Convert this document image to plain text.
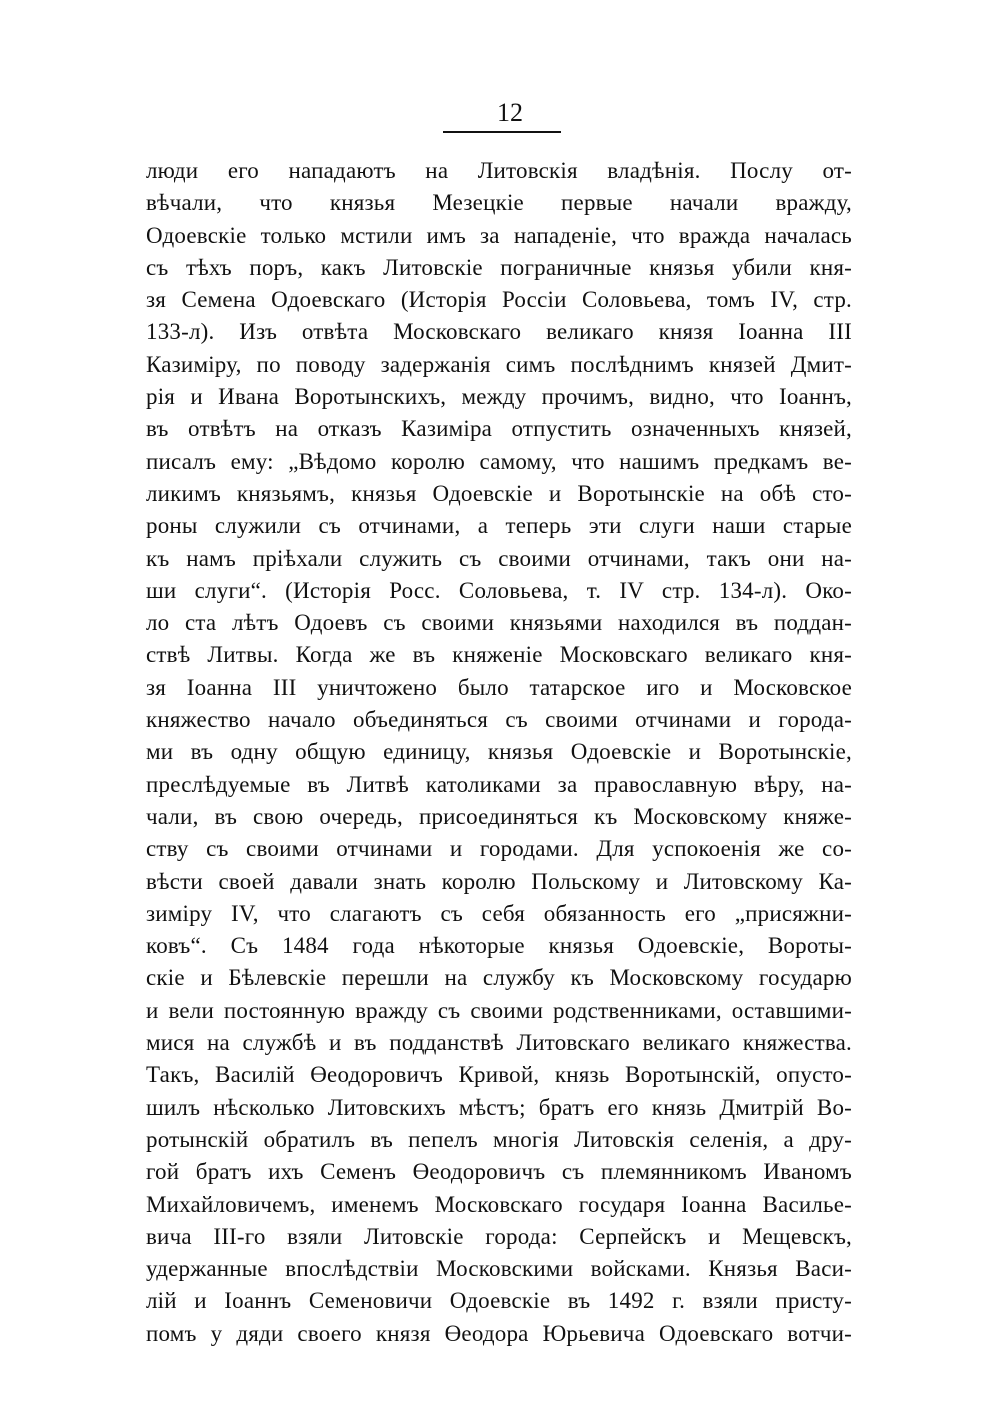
12
люди его нападаютъ на Литовскія владѣнія. Послу от-
вѣчали, что князья Мезецкіе первые начали вражду,
Одоевскіе только мстили имъ за нападеніе, что вражда началась
съ тѣхъ поръ, какъ Литовскіе пограничные князья убили кня-
зя Семена Одоевскаго (Исторія Россіи Соловьева, томъ IV, стр.
133-л). Изъ отвѣта Московскаго великаго князя Іоанна III
Казиміру, по поводу задержанія симъ послѣднимъ князей Дмит-
рія и Ивана Воротынскихъ, между прочимъ, видно, что Іоаннъ,
въ отвѣтъ на отказъ Казиміра отпустить означенныхъ князей,
писалъ ему: „Вѣдомо королю самому, что нашимъ предкамъ ве-
ликимъ князьямъ, князья Одоевскіе и Воротынскіе на обѣ сто-
роны служили съ отчинами, а теперь эти слуги наши старые
къ намъ пріѣхали служить съ своими отчинами, такъ они на-
ши слуги“. (Исторія Росс. Соловьева, т. IV стр. 134-л). Око-
ло ста лѣтъ Одоевъ съ своими князьями находился въ поддан-
ствѣ Литвы. Когда же въ княженіе Московскаго великаго кня-
зя Іоанна III уничтожено было татарское иго и Московское
княжество начало объединяться съ своими отчинами и города-
ми въ одну общую единицу, князья Одоевскіе и Воротынскіе,
преслѣдуемые въ Литвѣ католиками за православную вѣру, на-
чали, въ свою очередь, присоединяться къ Московскому княже-
ству съ своими отчинами и городами. Для успокоенія же со-
вѣсти своей давали знать королю Польскому и Литовскому Ка-
зиміру IV, что слагаютъ съ себя обязанность его „присяжни-
ковъ“. Съ 1484 года нѣкоторые князья Одоевскіе, Вороты-
скіе и Бѣлевскіе перешли на службу къ Московскому государю
и вели постоянную вражду съ своими родственниками, оставшими-
мися на службѣ и въ подданствѣ Литовскаго великаго княжества.
Такъ, Василій Өеодоровичъ Кривой, князь Воротынскій, опусто-
шилъ нѣсколько Литовскихъ мѣстъ; братъ его князь Дмитрій Во-
ротынскій обратилъ въ пепелъ многія Литовскія селенія, а дру-
гой братъ ихъ Семенъ Өеодоровичъ съ племянникомъ Иваномъ
Михайловичемъ, именемъ Московскаго государя Іоанна Василье-
вича III-го взяли Литовскіе города: Серпейскъ и Мещевскъ,
удержанные впослѣдствіи Московскими войсками. Князья Васи-
лій и Іоаннъ Семеновичи Одоевскіе въ 1492 г. взяли присту-
помъ у дяди своего князя Өеодора Юрьевича Одоевскаго вотчи-
